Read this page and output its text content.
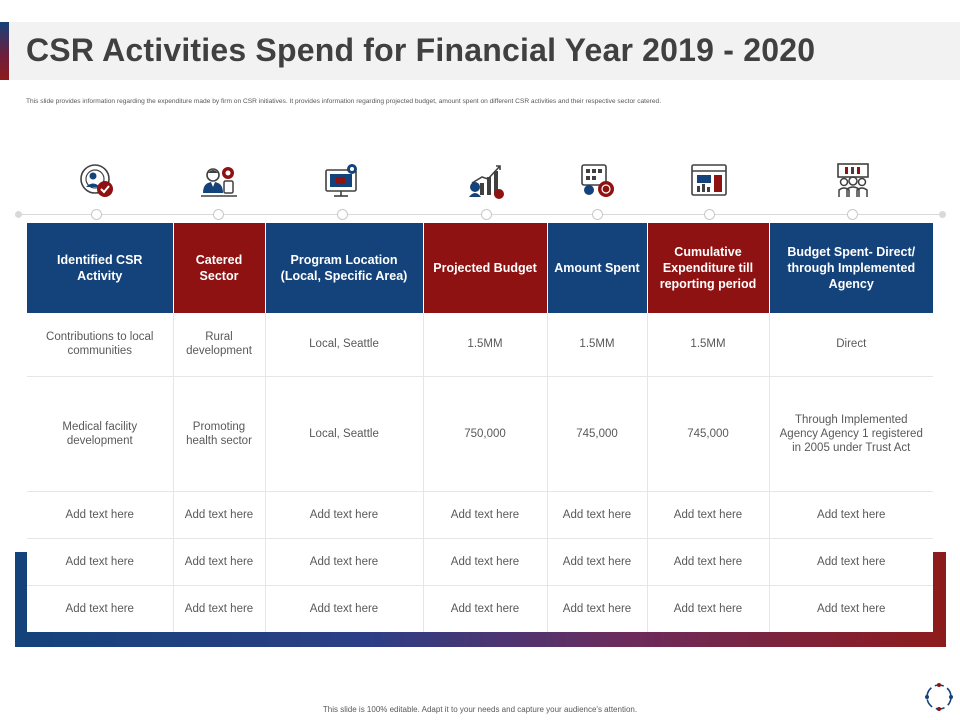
CSR Activities Spend for Financial Year 2019 - 2020
This slide provides information regarding the expenditure made by firm on CSR initiatives. It provides information regarding projected budget, amount spent on different CSR activities and their respective sector catered.
Identified CSR Activity	Catered Sector	Program Location (Local, Specific Area)	Projected Budget	Amount Spent	Cumulative Expenditure till reporting period	Budget Spent- Direct/ through Implemented Agency
Contributions to local communities	Rural development	Local, Seattle	1.5MM	1.5MM	1.5MM	Direct
Medical facility development	Promoting health sector	Local, Seattle	750,000	745,000	745,000	Through Implemented Agency Agency 1 registered in 2005 under Trust Act
Add text here	Add text here	Add text here	Add text here	Add text here	Add text here	Add text here
Add text here	Add text here	Add text here	Add text here	Add text here	Add text here	Add text here
Add text here	Add text here	Add text here	Add text here	Add text here	Add text here	Add text here
This slide is 100% editable. Adapt it to your needs and capture your audience's attention.
